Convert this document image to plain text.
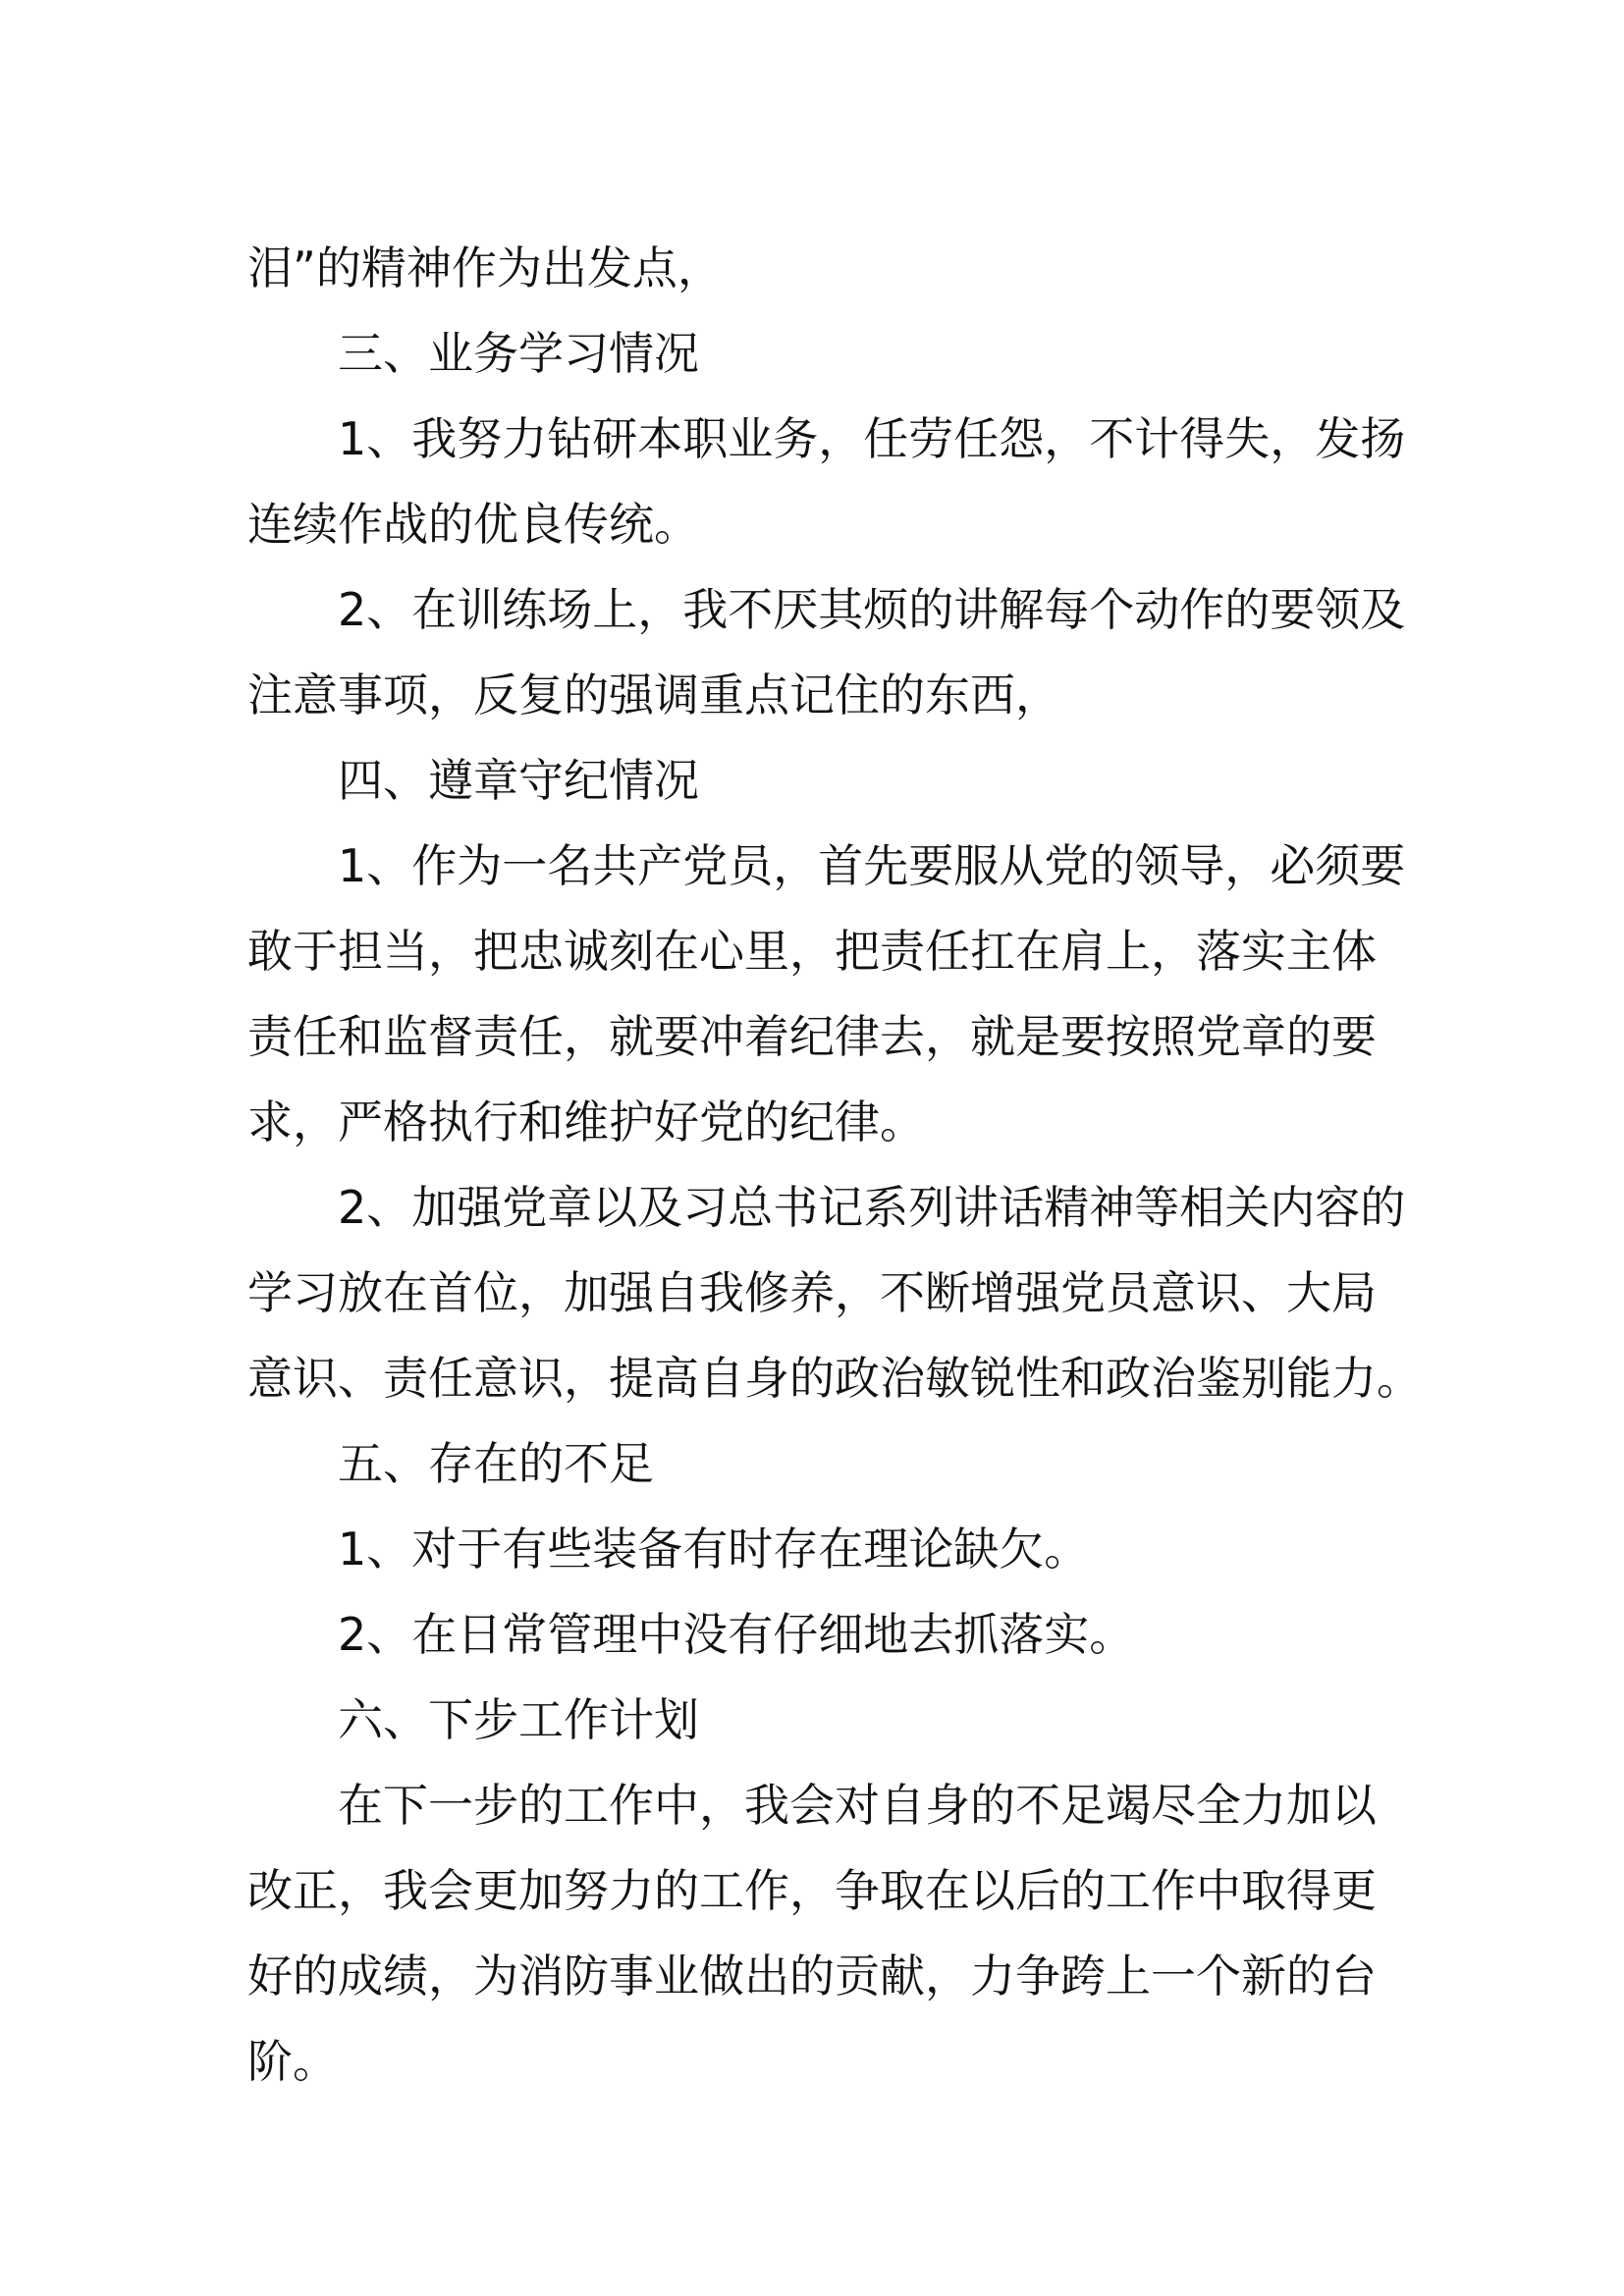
泪”的精神作为出发点，
三、业务学习情况
1、我努力钻研本职业务，任劳任怨，不计得失，发扬
连续作战的优良传统。
2、在训练场上，我不厌其烦的讲解每个动作的要领及
注意事项，反复的强调重点记住的东西，
四、遵章守纪情况
1、作为一名共产党员，首先要服从党的领导，必须要
敢于担当，把忠诚刻在心里，把责任扛在肩上，落实主体
责任和监督责任，就要冲着纪律去，就是要按照党章的要
求，严格执行和维护好党的纪律。
2、加强党章以及习总书记系列讲话精神等相关内容的
学习放在首位，加强自我修养，不断增强党员意识、大局
意识、责任意识，提高自身的政治敏锐性和政治鉴别能力。
五、存在的不足
1、对于有些装备有时存在理论缺欠。
2、在日常管理中没有仔细地去抓落实。
六、下步工作计划
在下一步的工作中，我会对自身的不足竭尽全力加以
改正，我会更加努力的工作，争取在以后的工作中取得更
好的成绩，为消防事业做出的贡献，力争跨上一个新的台
阶。
